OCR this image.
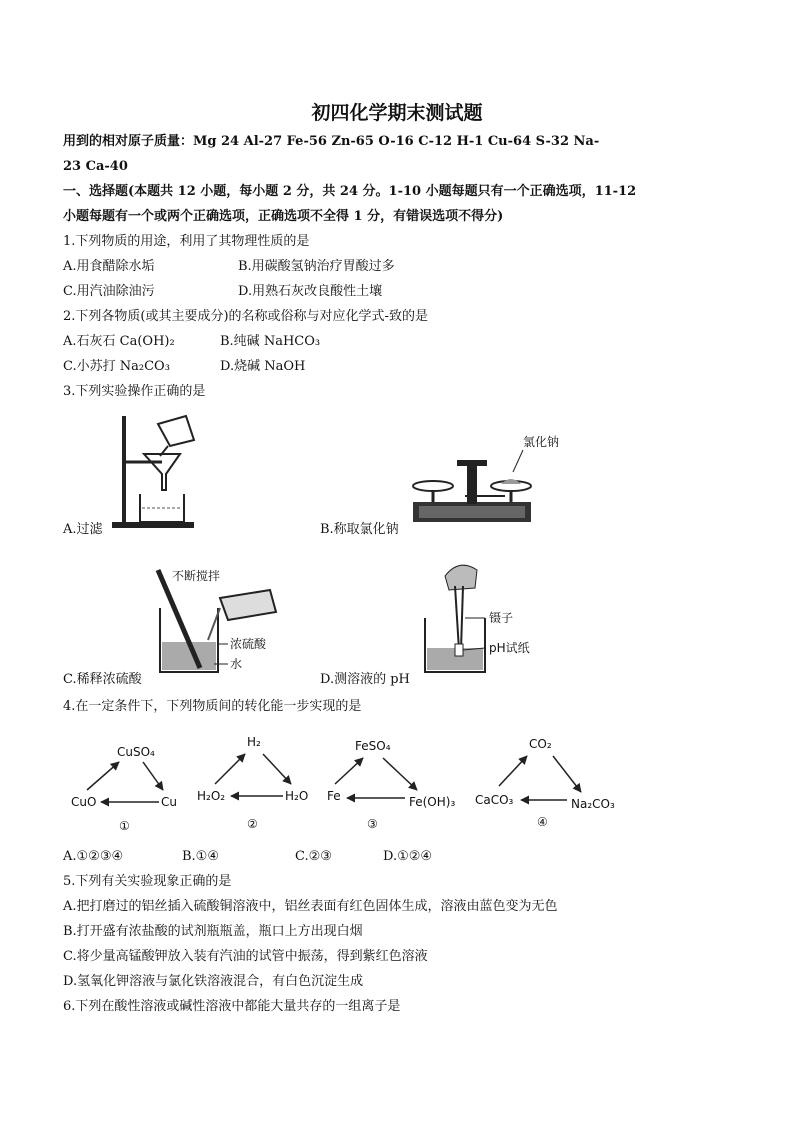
初四化学期末测试题
用到的相对原子质量：Mg 24 Al-27 Fe-56 Zn-65 O-16 C-12 H-1 Cu-64 S-32 Na-
23 Ca-40
一、选择题(本题共 12 小题，每小题 2 分，共 24 分。1-10 小题每题只有一个正确选项，11-12
小题每题有一个或两个正确选项，正确选项不全得 1 分，有错误选项不得分)
1.下列物质的用途，利用了其物理性质的是
A.用食醋除水垢	B.用碳酸氢钠治疗胃酸过多
C.用汽油除油污	D.用熟石灰改良酸性土壤
2.下列各物质(或其主要成分)的名称或俗称与对应化学式-致的是
A.石灰石 Ca(OH)₂	B.纯碱 NaHCO₃
C.小苏打 Na₂CO₃	D.烧碱 NaOH
3.下列实验操作正确的是
A.过滤
氯化钠
B.称取氯化钠
不断搅拌
浓硫酸
水
C.稀释浓硫酸
镊子
pH试纸
D.测溶液的 pH
4.在一定条件下，下列物质间的转化能一步实现的是
CuSO₄
CuO	Cu
①
H₂
H₂O₂	H₂O
②
FeSO₄
Fe	Fe(OH)₃
③
CO₂
CaCO₃	Na₂CO₃
④
A.①②③④	B.①④	C.②③	D.①②④
5.下列有关实验现象正确的是
A.把打磨过的铝丝插入硫酸铜溶液中，铝丝表面有红色固体生成，溶液由蓝色变为无色
B.打开盛有浓盐酸的试剂瓶瓶盖，瓶口上方出现白烟
C.将少量高锰酸钾放入装有汽油的试管中振荡，得到紫红色溶液
D.氢氧化钾溶液与氯化铁溶液混合，有白色沉淀生成
6.下列在酸性溶液或碱性溶液中都能大量共存的一组离子是
